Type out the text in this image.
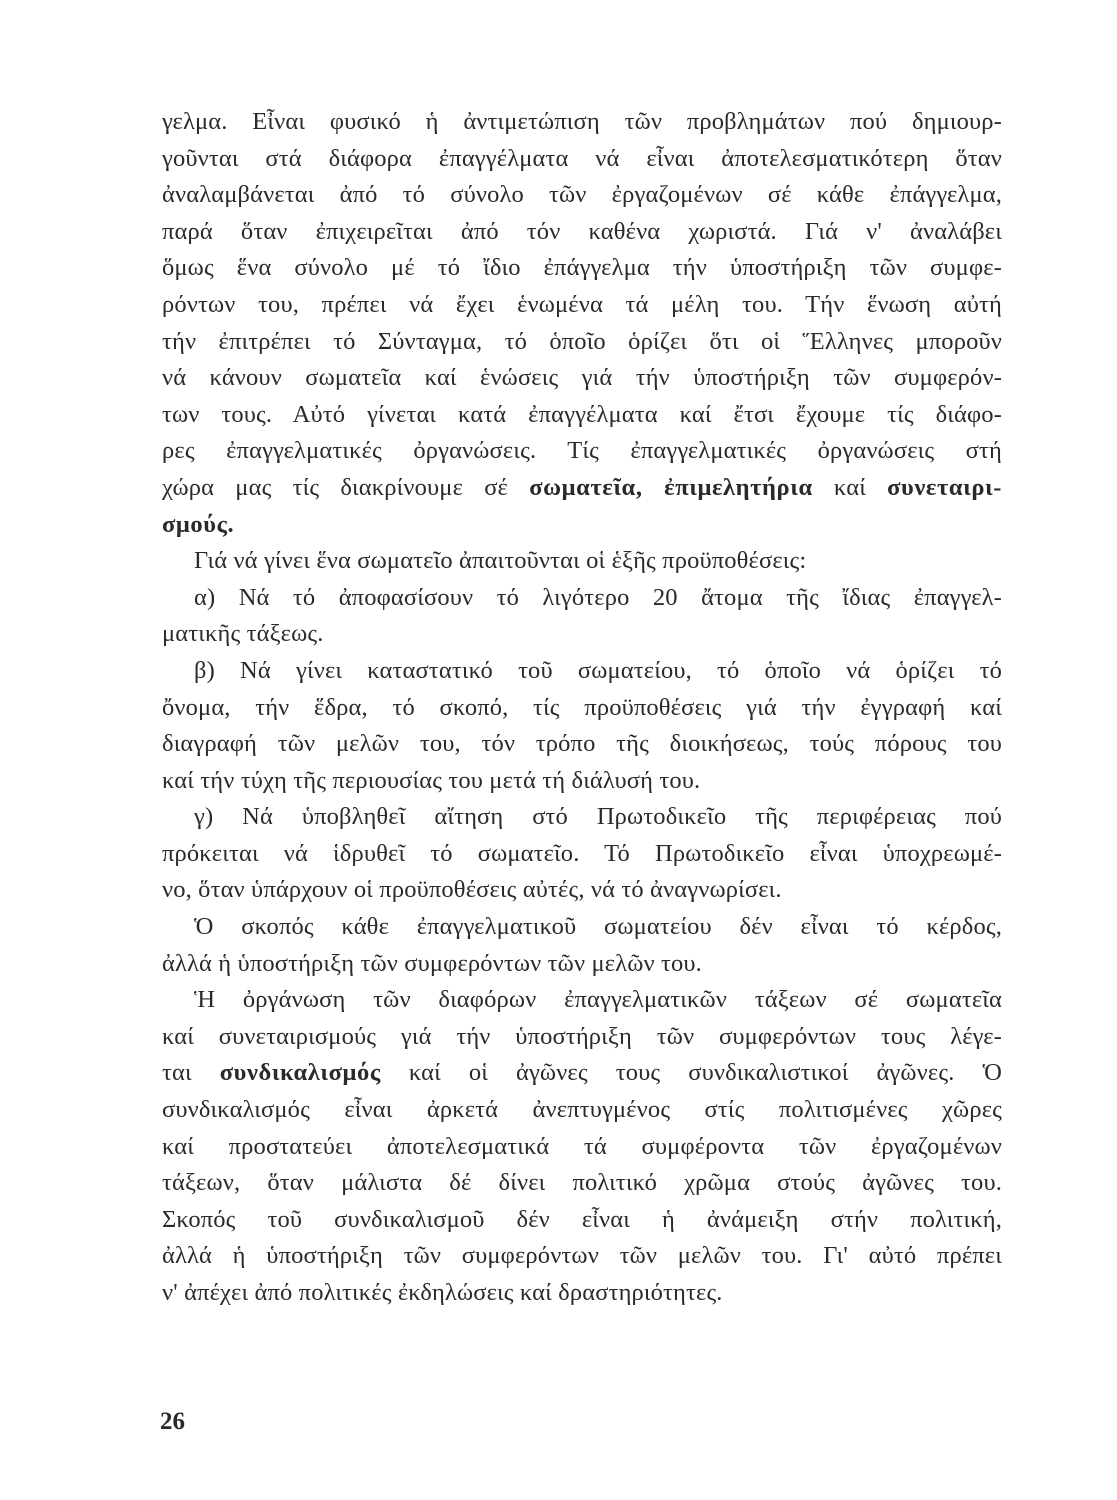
γελμα. Εἶναι φυσικό ἡ ἀντιμετώπιση τῶν προβλημάτων πού δημιουρ-
γοῦνται στά διάφορα ἐπαγγέλματα νά εἶναι ἀποτελεσματικότερη ὅταν
ἀναλαμβάνεται ἀπό τό σύνολο τῶν ἐργαζομένων σέ κάθε ἐπάγγελμα,
παρά ὅταν ἐπιχειρεῖται ἀπό τόν καθένα χωριστά. Γιά ν' ἀναλάβει
ὅμως ἕνα σύνολο μέ τό ἴδιο ἐπάγγελμα τήν ὑποστήριξη τῶν συμφε-
ρόντων του, πρέπει νά ἔχει ἑνωμένα τά μέλη του. Τήν ἕνωση αὐτή
τήν ἐπιτρέπει τό Σύνταγμα, τό ὁποῖο ὁρίζει ὅτι οἱ Ἕλληνες μποροῦν
νά κάνουν σωματεῖα καί ἑνώσεις γιά τήν ὑποστήριξη τῶν συμφερόν-
των τους. Αὐτό γίνεται κατά ἐπαγγέλματα καί ἔτσι ἔχουμε τίς διάφο-
ρες ἐπαγγελματικές ὀργανώσεις. Τίς ἐπαγγελματικές ὀργανώσεις στή
χώρα μας τίς διακρίνουμε σέ σωματεῖα, ἐπιμελητήρια καί συνεταιρι-
σμούς.
Γιά νά γίνει ἕνα σωματεῖο ἀπαιτοῦνται οἱ ἑξῆς προϋποθέσεις:
α) Νά τό ἀποφασίσουν τό λιγότερο 20 ἄτομα τῆς ἴδιας ἐπαγγελ-
ματικῆς τάξεως.
β) Νά γίνει καταστατικό τοῦ σωματείου, τό ὁποῖο νά ὁρίζει τό
ὄνομα, τήν ἕδρα, τό σκοπό, τίς προϋποθέσεις γιά τήν ἐγγραφή καί
διαγραφή τῶν μελῶν του, τόν τρόπο τῆς διοικήσεως, τούς πόρους του
καί τήν τύχη τῆς περιουσίας του μετά τή διάλυσή του.
γ) Νά ὑποβληθεῖ αἴτηση στό Πρωτοδικεῖο τῆς περιφέρειας πού
πρόκειται νά ἱδρυθεῖ τό σωματεῖο. Τό Πρωτοδικεῖο εἶναι ὑποχρεωμέ-
νο, ὅταν ὑπάρχουν οἱ προϋποθέσεις αὐτές, νά τό ἀναγνωρίσει.
Ὁ σκοπός κάθε ἐπαγγελματικοῦ σωματείου δέν εἶναι τό κέρδος,
ἀλλά ἡ ὑποστήριξη τῶν συμφερόντων τῶν μελῶν του.
Ἡ ὀργάνωση τῶν διαφόρων ἐπαγγελματικῶν τάξεων σέ σωματεῖα
καί συνεταιρισμούς γιά τήν ὑποστήριξη τῶν συμφερόντων τους λέγε-
ται συνδικαλισμός καί οἱ ἀγῶνες τους συνδικαλιστικοί ἀγῶνες. Ὁ
συνδικαλισμός εἶναι ἀρκετά ἀνεπτυγμένος στίς πολιτισμένες χῶρες
καί προστατεύει ἀποτελεσματικά τά συμφέροντα τῶν ἐργαζομένων
τάξεων, ὅταν μάλιστα δέ δίνει πολιτικό χρῶμα στούς ἀγῶνες του.
Σκοπός τοῦ συνδικαλισμοῦ δέν εἶναι ἡ ἀνάμειξη στήν πολιτική,
ἀλλά ἡ ὑποστήριξη τῶν συμφερόντων τῶν μελῶν του. Γι' αὐτό πρέπει
ν' ἀπέχει ἀπό πολιτικές ἐκδηλώσεις καί δραστηριότητες.
26
